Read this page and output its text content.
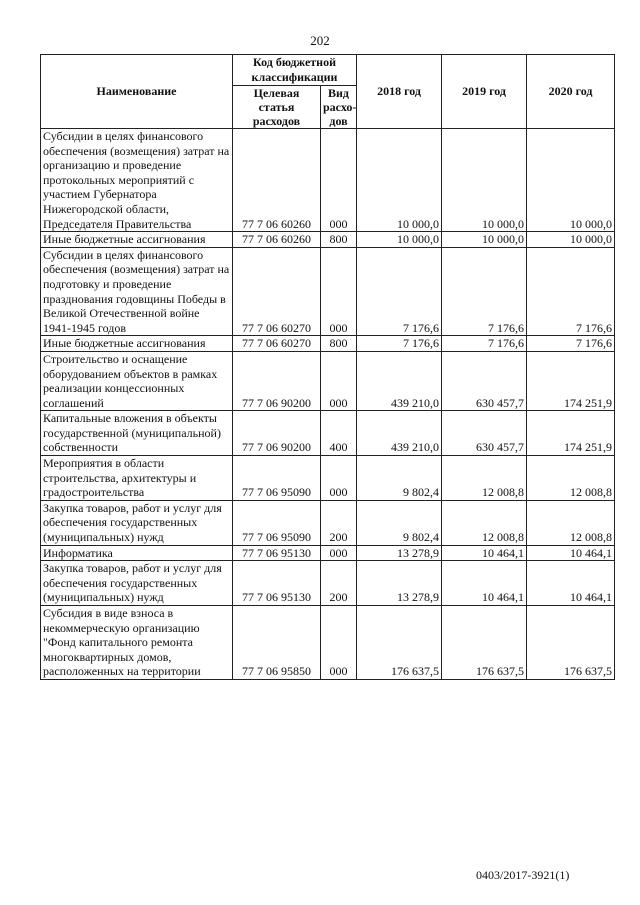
202
Наименование	Код бюджетной классификации		2018 год	2019 год	2020 год
	Целевая статья расходов	Вид расхо-дов			
Субсидии в целях финансового обеспечения (возмещения) затрат на организацию и проведение протокольных мероприятий с участием Губернатора Нижегородской области, Председателя Правительства	77 7 06 60260	000	10 000,0	10 000,0	10 000,0
Иные бюджетные ассигнования	77 7 06 60260	800	10 000,0	10 000,0	10 000,0
Субсидии в целях финансового обеспечения (возмещения) затрат на подготовку и проведение празднования годовщины Победы в Великой Отечественной войне 1941-1945 годов	77 7 06 60270	000	7 176,6	7 176,6	7 176,6
Иные бюджетные ассигнования	77 7 06 60270	800	7 176,6	7 176,6	7 176,6
Строительство и оснащение оборудованием объектов в рамках реализации концессионных соглашений	77 7 06 90200	000	439 210,0	630 457,7	174 251,9
Капитальные вложения в объекты государственной (муниципальной) собственности	77 7 06 90200	400	439 210,0	630 457,7	174 251,9
Мероприятия в области строительства, архитектуры и градостроительства	77 7 06 95090	000	9 802,4	12 008,8	12 008,8
Закупка товаров, работ и услуг для обеспечения государственных (муниципальных) нужд	77 7 06 95090	200	9 802,4	12 008,8	12 008,8
Информатика	77 7 06 95130	000	13 278,9	10 464,1	10 464,1
Закупка товаров, работ и услуг для обеспечения государственных (муниципальных) нужд	77 7 06 95130	200	13 278,9	10 464,1	10 464,1
Субсидия в виде взноса в некоммерческую организацию "Фонд капитального ремонта многоквартирных домов, расположенных на территории	77 7 06 95850	000	176 637,5	176 637,5	176 637,5
0403/2017-3921(1)
